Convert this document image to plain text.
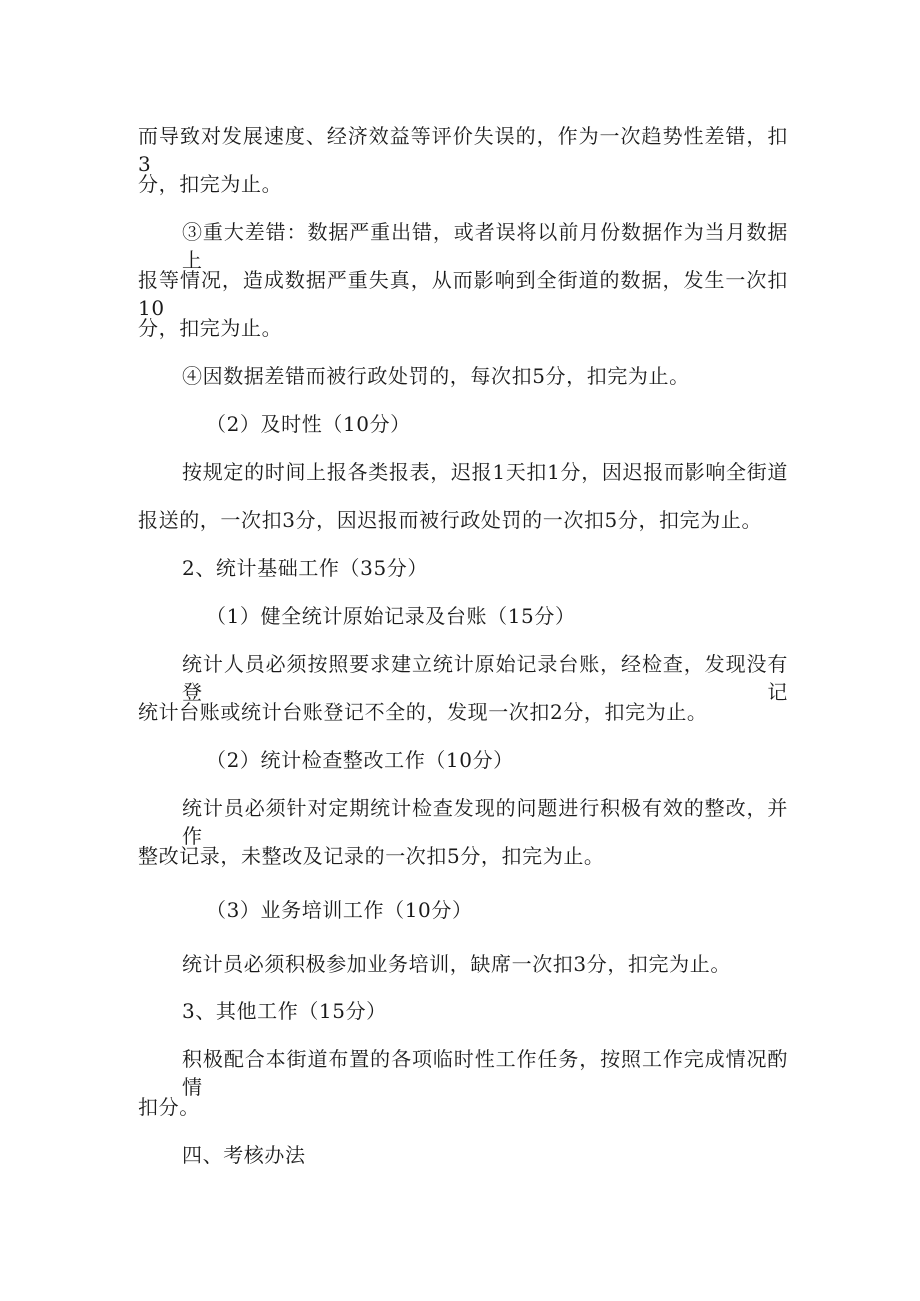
而导致对发展速度、经济效益等评价失误的，作为一次趋势性差错，扣3
分，扣完为止。
③重大差错：数据严重出错，或者误将以前月份数据作为当月数据上
报等情况，造成数据严重失真，从而影响到全街道的数据，发生一次扣10
分，扣完为止。
④因数据差错而被行政处罚的，每次扣5分，扣完为止。
（2）及时性（10分）
按规定的时间上报各类报表，迟报1天扣1分，因迟报而影响全街道
报送的，一次扣3分，因迟报而被行政处罚的一次扣5分，扣完为止。
2、统计基础工作（35分）
（1）健全统计原始记录及台账（15分）
统计人员必须按照要求建立统计原始记录台账，经检查，发现没有登记
统计台账或统计台账登记不全的，发现一次扣2分，扣完为止。
（2）统计检查整改工作（10分）
统计员必须针对定期统计检查发现的问题进行积极有效的整改，并作
整改记录，未整改及记录的一次扣5分，扣完为止。
（3）业务培训工作（10分）
统计员必须积极参加业务培训，缺席一次扣3分，扣完为止。
3、其他工作（15分）
积极配合本街道布置的各项临时性工作任务，按照工作完成情况酌情
扣分。
四、考核办法
